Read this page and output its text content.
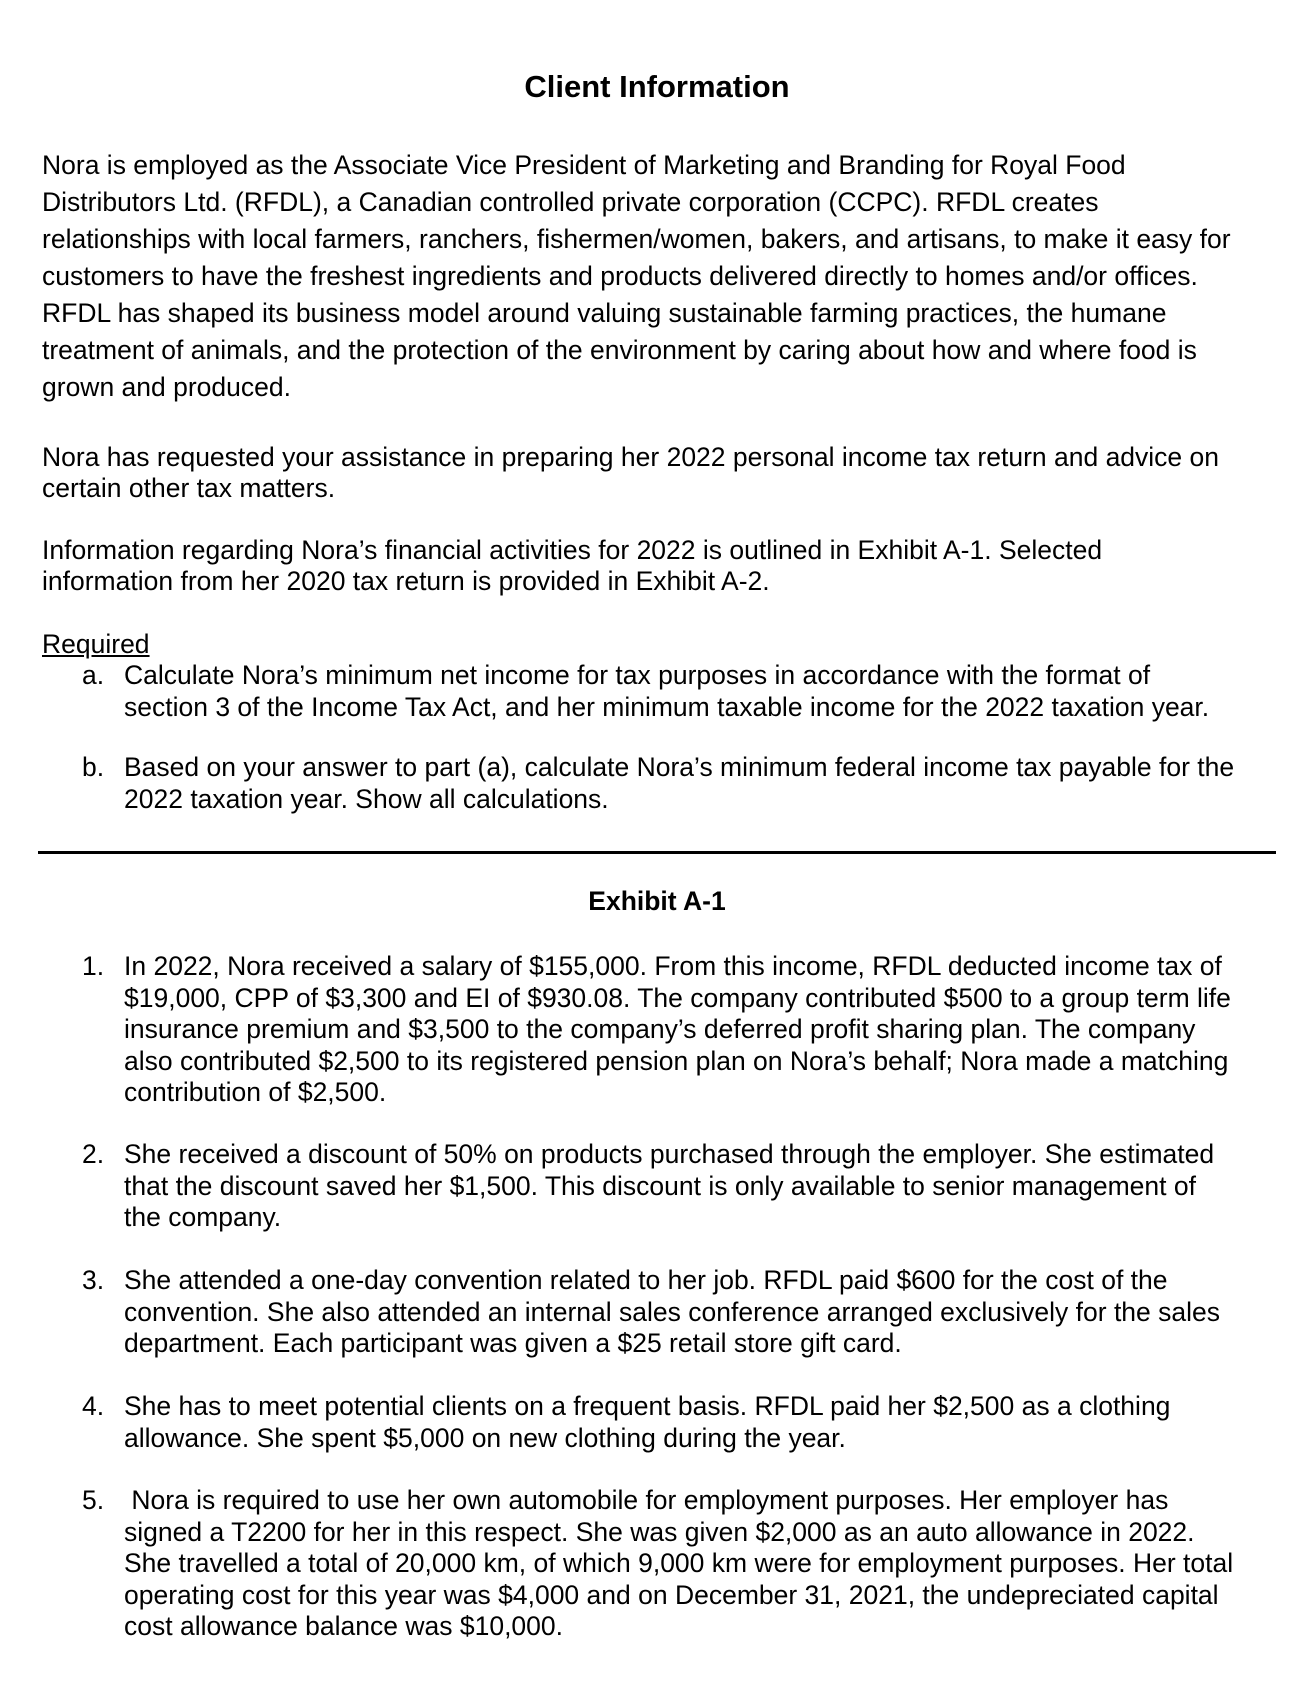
Client Information
Nora is employed as the Associate Vice President of Marketing and Branding for Royal Food
Distributors Ltd. (RFDL), a Canadian controlled private corporation (CCPC). RFDL creates
relationships with local farmers, ranchers, fishermen/women, bakers, and artisans, to make it easy for
customers to have the freshest ingredients and products delivered directly to homes and/or offices.
RFDL has shaped its business model around valuing sustainable farming practices, the humane
treatment of animals, and the protection of the environment by caring about how and where food is
grown and produced.
Nora has requested your assistance in preparing her 2022 personal income tax return and advice on
certain other tax matters.
Information regarding Nora’s financial activities for 2022 is outlined in Exhibit A-1. Selected
information from her 2020 tax return is provided in Exhibit A-2.
Required
a. Calculate Nora’s minimum net income for tax purposes in accordance with the format of
section 3 of the Income Tax Act, and her minimum taxable income for the 2022 taxation year.
b. Based on your answer to part (a), calculate Nora’s minimum federal income tax payable for the
2022 taxation year. Show all calculations.
Exhibit A-1
1. In 2022, Nora received a salary of $155,000. From this income, RFDL deducted income tax of
$19,000, CPP of $3,300 and EI of $930.08. The company contributed $500 to a group term life
insurance premium and $3,500 to the company’s deferred profit sharing plan. The company
also contributed $2,500 to its registered pension plan on Nora’s behalf; Nora made a matching
contribution of $2,500.
2. She received a discount of 50% on products purchased through the employer. She estimated
that the discount saved her $1,500. This discount is only available to senior management of
the company.
3. She attended a one-day convention related to her job. RFDL paid $600 for the cost of the
convention. She also attended an internal sales conference arranged exclusively for the sales
department. Each participant was given a $25 retail store gift card.
4. She has to meet potential clients on a frequent basis. RFDL paid her $2,500 as a clothing
allowance. She spent $5,000 on new clothing during the year.
5. Nora is required to use her own automobile for employment purposes. Her employer has
signed a T2200 for her in this respect. She was given $2,000 as an auto allowance in 2022.
She travelled a total of 20,000 km, of which 9,000 km were for employment purposes. Her total
operating cost for this year was $4,000 and on December 31, 2021, the undepreciated capital
cost allowance balance was $10,000.
